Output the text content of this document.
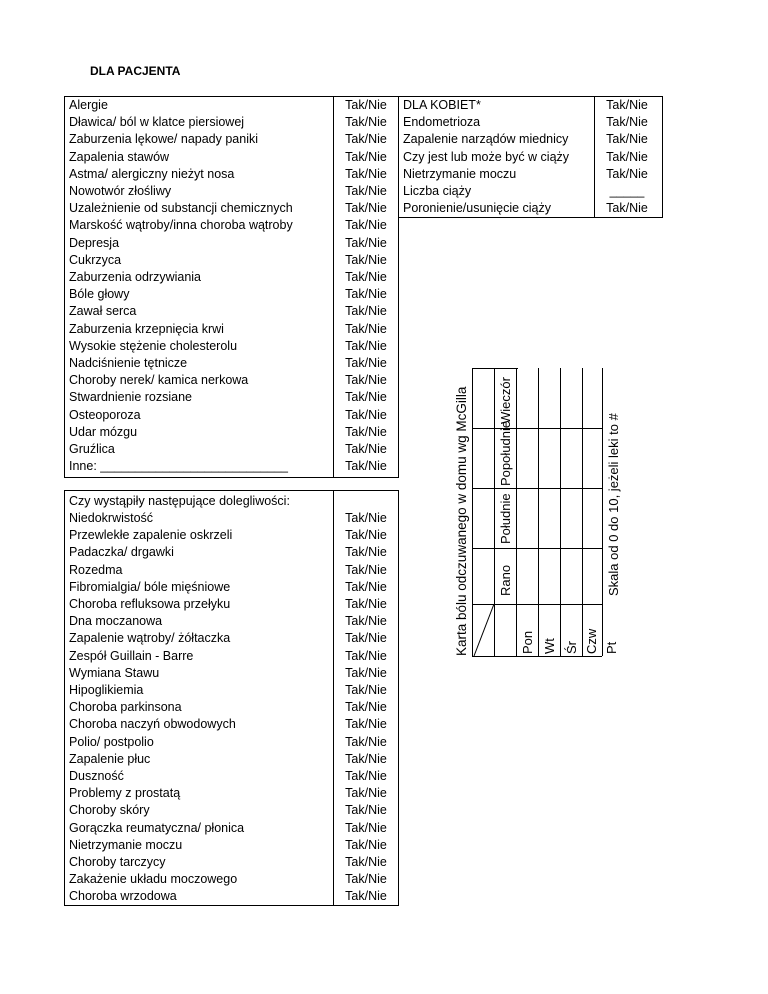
DLA PACJENTA
Alergie
Dławica/ ból w klatce piersiowej
Zaburzenia lękowe/ napady paniki
Zapalenia stawów
Astma/ alergiczny nieżyt nosa
Nowotwór złośliwy
Uzależnienie od substancji chemicznych
Marskość wątroby/inna choroba wątroby
Depresja
Cukrzyca
Zaburzenia odrzywiania
Bóle głowy
Zawał serca
Zaburzenia krzepnięcia krwi
Wysokie stężenie cholesterolu
Nadciśnienie tętnicze
Choroby nerek/ kamica nerkowa
Stwardnienie rozsiane
Osteoporoza
Udar mózgu
Gruźlica
Inne: ___________________________
Tak/Nie
Tak/Nie
Tak/Nie
Tak/Nie
Tak/Nie
Tak/Nie
Tak/Nie
Tak/Nie
Tak/Nie
Tak/Nie
Tak/Nie
Tak/Nie
Tak/Nie
Tak/Nie
Tak/Nie
Tak/Nie
Tak/Nie
Tak/Nie
Tak/Nie
Tak/Nie
Tak/Nie
Tak/Nie
DLA KOBIET*
Endometrioza
Zapalenie narządów miednicy
Czy jest lub może być w ciąży
Nietrzymanie moczu
Liczba ciąży
Poronienie/usunięcie ciąży
Tak/Nie
Tak/Nie
Tak/Nie
Tak/Nie
Tak/Nie
_____
Tak/Nie
Czy wystąpiły następujące dolegliwości:
Niedokrwistość
Przewlekłe zapalenie oskrzeli
Padaczka/ drgawki
Rozedma
Fibromialgia/ bóle mięśniowe
Choroba refluksowa przełyku
Dna moczanowa
Zapalenie wątroby/ żółtaczka
Zespół Guillain - Barre
Wymiana Stawu
Hipoglikiemia
Choroba parkinsona
Choroba naczyń obwodowych
Polio/ postpolio
Zapalenie płuc
Duszność
Problemy z prostatą
Choroby skóry
Gorączka reumatyczna/ płonica
Nietrzymanie moczu
Choroby tarczycy
Zakażenie układu moczowego
Choroba wrzodowa
Tak/Nie
Tak/Nie
Tak/Nie
Tak/Nie
Tak/Nie
Tak/Nie
Tak/Nie
Tak/Nie
Tak/Nie
Tak/Nie
Tak/Nie
Tak/Nie
Tak/Nie
Tak/Nie
Tak/Nie
Tak/Nie
Tak/Nie
Tak/Nie
Tak/Nie
Tak/Nie
Tak/Nie
Tak/Nie
Tak/Nie
Karta bólu odczuwanego w domu wg McGilla Rano
Południe
Popołudnie
Wieczór
Pon Wt Śr Czw Pt
Skala od 0 do 10, jeżeli leki to #
